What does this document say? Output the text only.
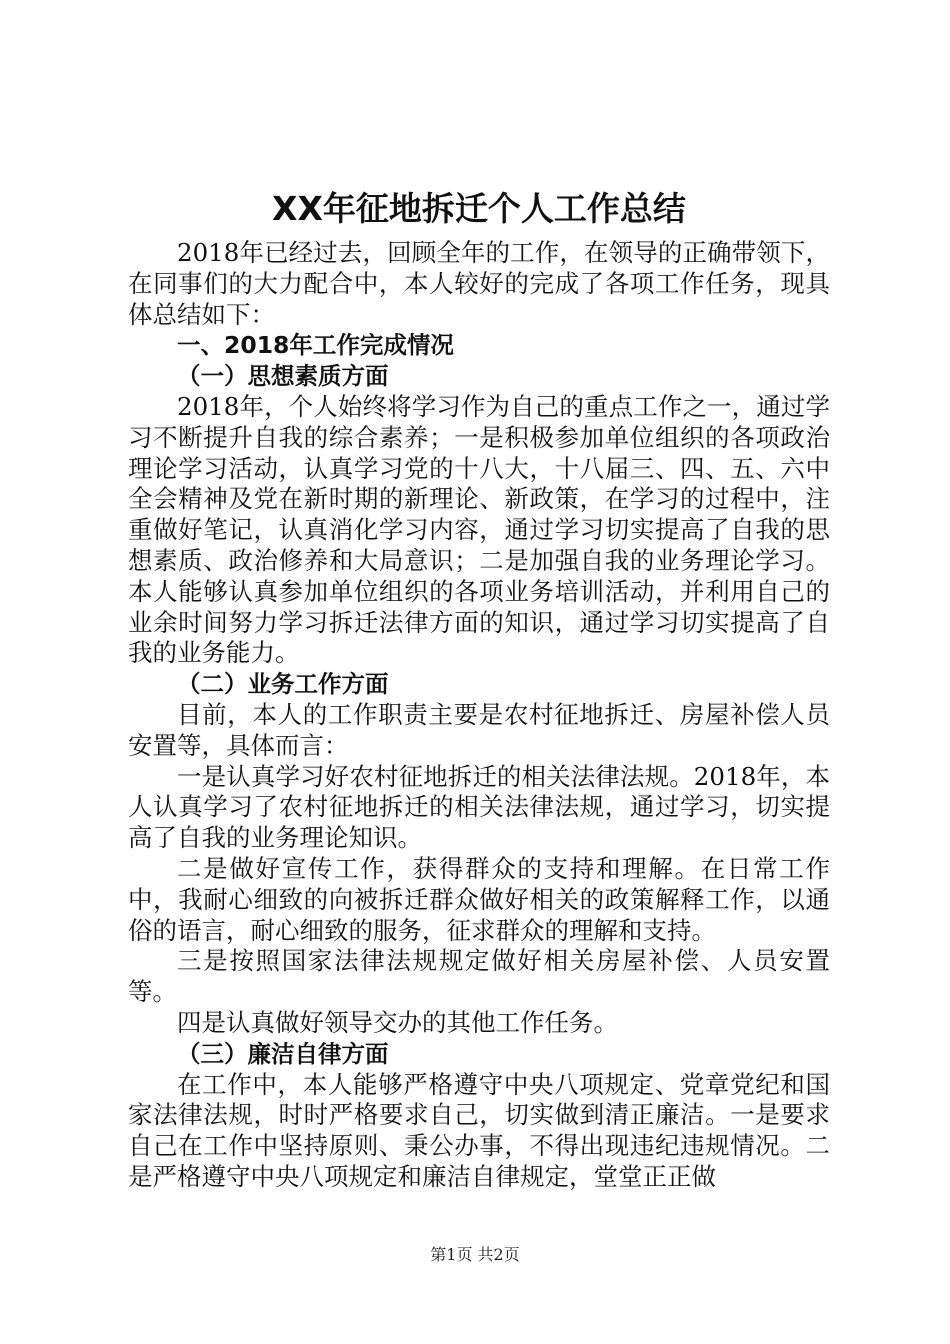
XX年征地拆迁个人工作总结

2018年已经过去，回顾全年的工作，在领导的正确带领下，在同事们的大力配合中，本人较好的完成了各项工作任务，现具体总结如下：

一、2018年工作完成情况
（一）思想素质方面

2018年，个人始终将学习作为自己的重点工作之一，通过学习不断提升自我的综合素养；一是积极参加单位组织的各项政治理论学习活动，认真学习党的十八大，十八届三、四、五、六中全会精神及党在新时期的新理论、新政策，在学习的过程中，注重做好笔记，认真消化学习内容，通过学习切实提高了自我的思想素质、政治修养和大局意识；二是加强自我的业务理论学习。本人能够认真参加单位组织的各项业务培训活动，并利用自己的业余时间努力学习拆迁法律方面的知识，通过学习切实提高了自我的业务能力。

（二）业务工作方面

目前，本人的工作职责主要是农村征地拆迁、房屋补偿人员安置等，具体而言：

一是认真学习好农村征地拆迁的相关法律法规。2018年，本人认真学习了农村征地拆迁的相关法律法规，通过学习，切实提高了自我的业务理论知识。

二是做好宣传工作，获得群众的支持和理解。在日常工作中，我耐心细致的向被拆迁群众做好相关的政策解释工作，以通俗的语言，耐心细致的服务，征求群众的理解和支持。

三是按照国家法律法规规定做好相关房屋补偿、人员安置等。

四是认真做好领导交办的其他工作任务。

（三）廉洁自律方面

在工作中，本人能够严格遵守中央八项规定、党章党纪和国家法律法规，时时严格要求自己，切实做到清正廉洁。一是要求自己在工作中坚持原则、秉公办事，不得出现违纪违规情况。二是严格遵守中央八项规定和廉洁自律规定，堂堂正正做

第1页 共2页
